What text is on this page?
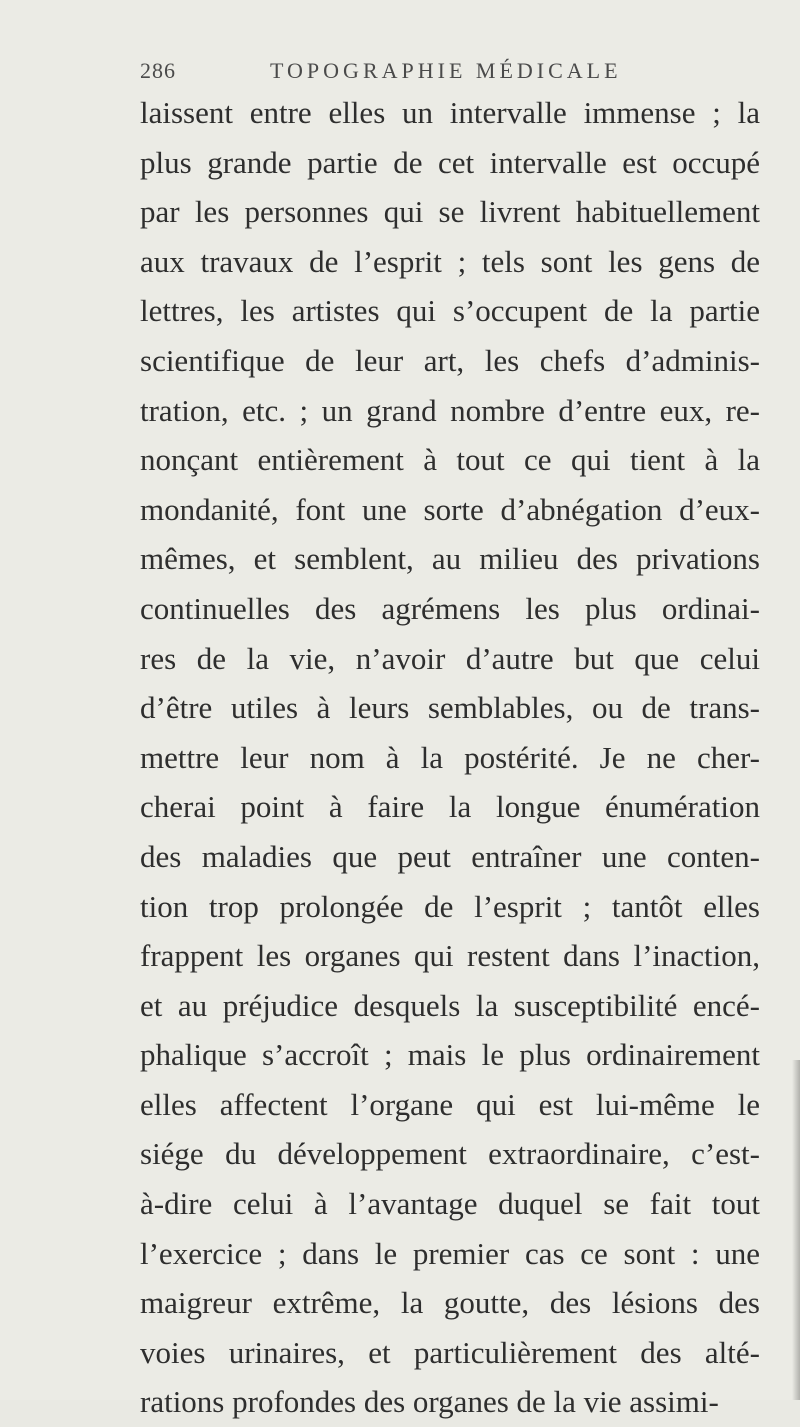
286	TOPOGRAPHIE MÉDICALE
laissent entre elles un intervalle immense ; la
plus grande partie de cet intervalle est occupé
par les personnes qui se livrent habituellement
aux travaux de l’esprit ; tels sont les gens de
lettres, les artistes qui s’occupent de la partie
scientifique de leur art, les chefs d’adminis-
tration, etc. ; un grand nombre d’entre eux, re-
nonçant entièrement à tout ce qui tient à la
mondanité, font une sorte d’abnégation d’eux-
mêmes, et semblent, au milieu des privations
continuelles des agrémens les plus ordinai-
res de la vie, n’avoir d’autre but que celui
d’être utiles à leurs semblables, ou de trans-
mettre leur nom à la postérité. Je ne cher-
cherai point à faire la longue énumération
des maladies que peut entraîner une conten-
tion trop prolongée de l’esprit ; tantôt elles
frappent les organes qui restent dans l’inaction,
et au préjudice desquels la susceptibilité encé-
phalique s’accroît ; mais le plus ordinairement
elles affectent l’organe qui est lui-même le
siége du développement extraordinaire, c’est-
à-dire celui à l’avantage duquel se fait tout
l’exercice ; dans le premier cas ce sont : une
maigreur extrême, la goutte, des lésions des
voies urinaires, et particulièrement des alté-
rations profondes des organes de la vie assimi-
